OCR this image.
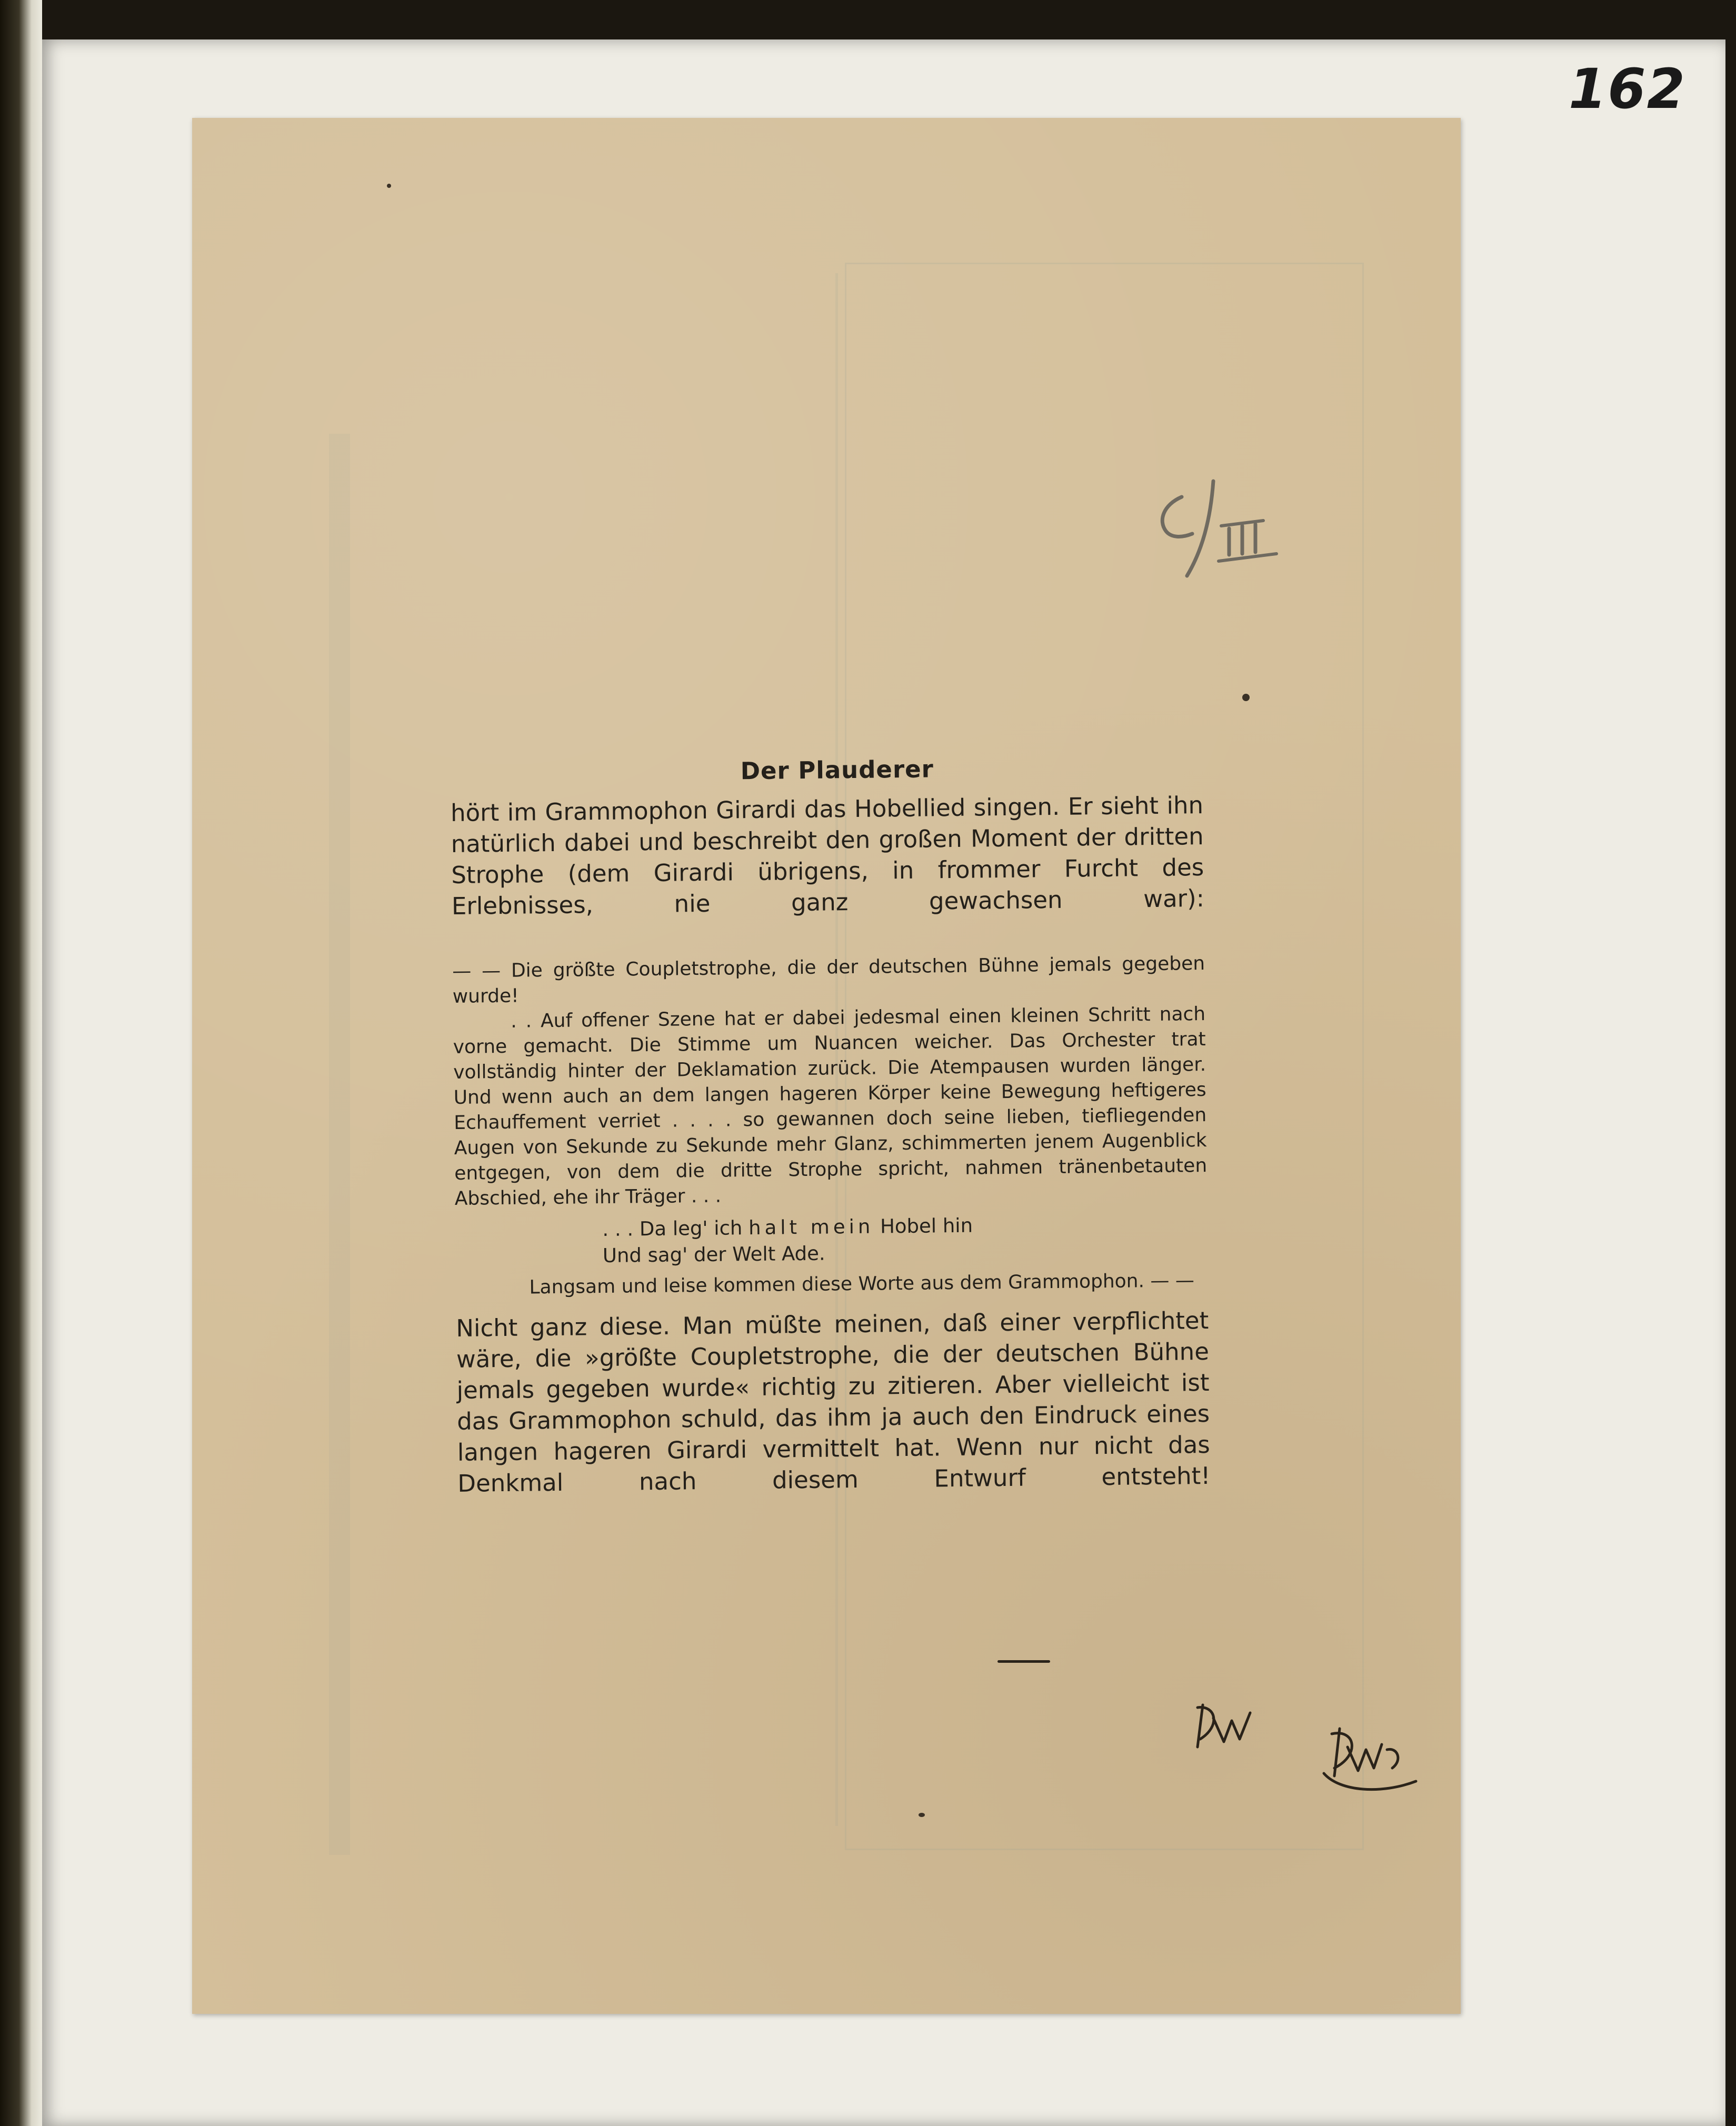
162
Der Plauderer

hört im Grammophon Girardi das Hobellied singen. Er sieht ihn natürlich dabei und beschreibt den großen Moment der dritten Strophe (dem Girardi übrigens, in frommer Furcht des Erlebnisses,	nie ganz gewachsen war):

— — Die größte Coupletstrophe, die der deutschen Bühne jemals gegeben wurde!

. . Auf offener Szene hat er dabei jedesmal einen kleinen Schritt nach vorne gemacht. Die Stimme um Nuancen weicher. Das Orchester trat vollständig hinter der Deklamation zurück. Die Atempausen wurden länger. Und wenn auch an dem langen hageren Körper keine Bewegung heftigeres Echauffement verriet . . . . so gewannen doch seine lieben, tiefliegenden Augen von Sekunde zu Sekunde mehr Glanz, schimmerten jenem Augenblick entgegen, von dem die dritte Strophe spricht, nahmen tränenbetauten Abschied, ehe ihr Träger . . .

. . . Da leg' ich halt mein Hobel hin
Und sag' der Welt Ade.

Langsam und leise kommen diese Worte aus dem Grammophon. — —

Nicht ganz diese. Man müßte meinen, daß einer verpflichtet wäre, die »größte Coupletstrophe, die der deutschen Bühne jemals gegeben wurde« richtig zu zitieren. Aber vielleicht ist das Grammophon schuld, das ihm ja auch den Eindruck eines langen hageren Girardi vermittelt hat. Wenn nur nicht das Denkmal nach diesem Entwurf entsteht!
